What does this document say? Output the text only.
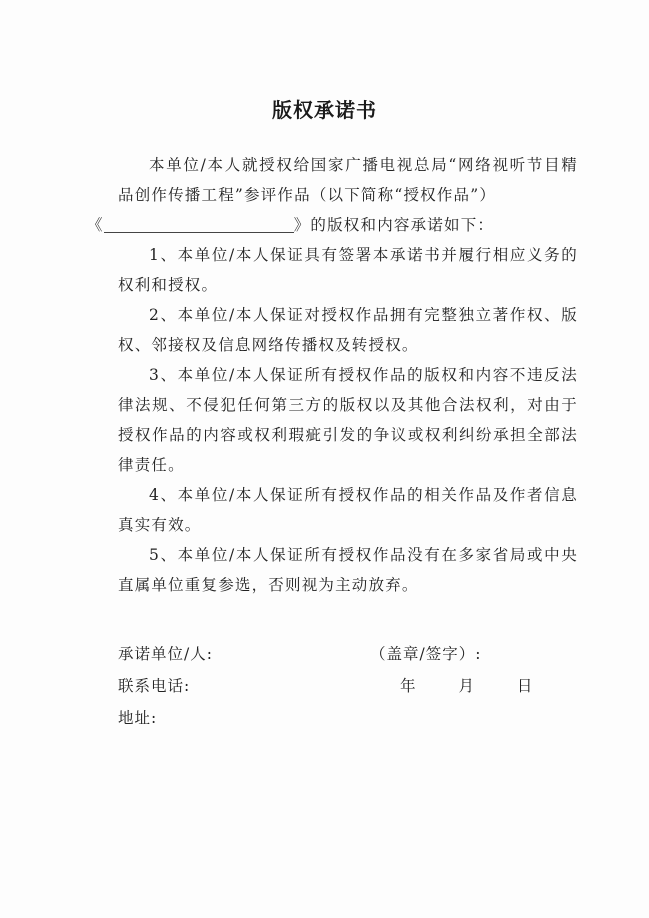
版权承诺书

本单位/本人就授权给国家广播电视总局“网络视听节目精品创作传播工程”参评作品（以下简称“授权作品”）
《	》的版权和内容承诺如下：

1、本单位/本人保证具有签署本承诺书并履行相应义务的权利和授权。

2、本单位/本人保证对授权作品拥有完整独立著作权、版权、邻接权及信息网络传播权及转授权。

3、本单位/本人保证所有授权作品的版权和内容不违反法律法规、不侵犯任何第三方的版权以及其他合法权利，对由于授权作品的内容或权利瑕疵引发的争议或权利纠纷承担全部法律责任。

4、本单位/本人保证所有授权作品的相关作品及作者信息真实有效。

5、本单位/本人保证所有授权作品没有在多家省局或中央直属单位重复参选，否则视为主动放弃。

承诺单位/人:	（盖章/签字）:
联系电话:	年	月	日
地址:
